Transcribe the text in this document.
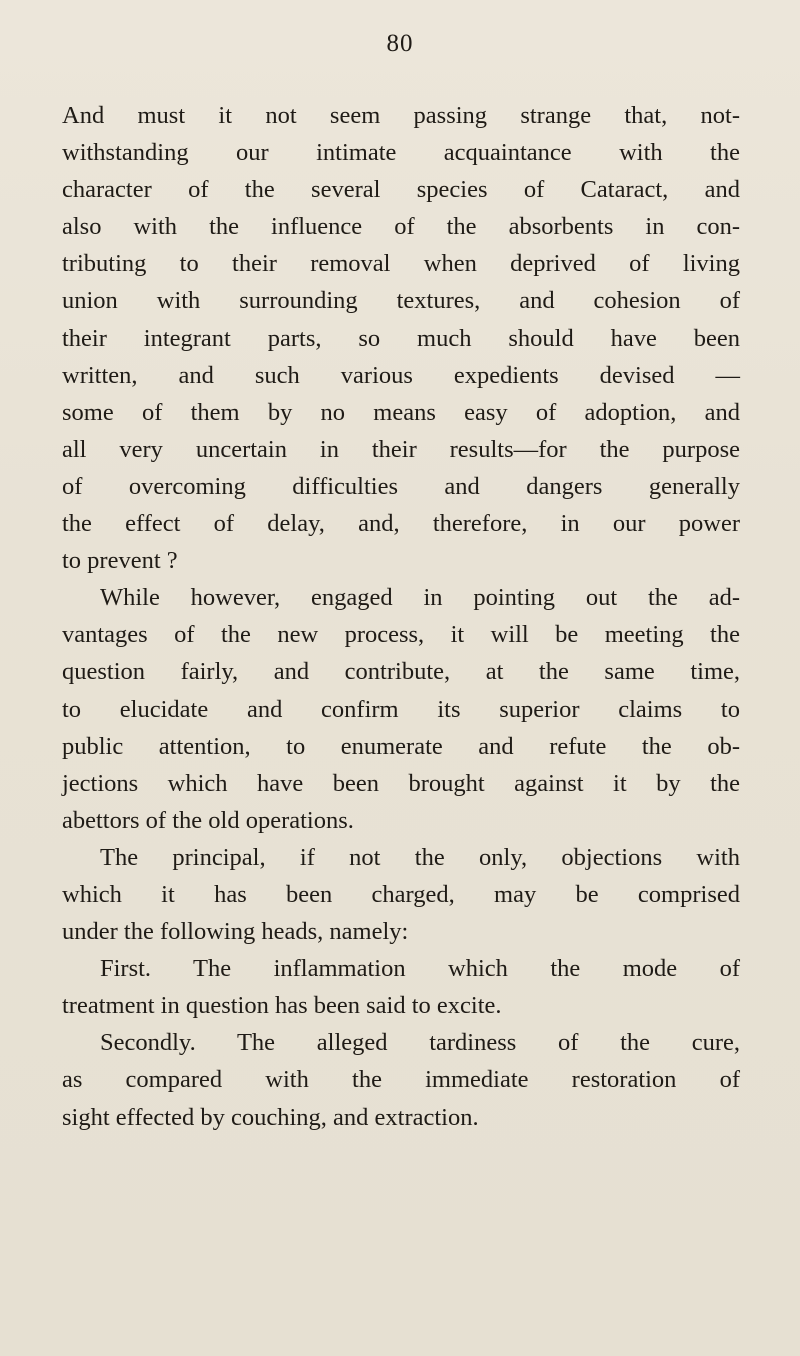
80
And must it not seem passing strange that, not-
withstanding our intimate acquaintance with the
character of the several species of Cataract, and
also with the influence of the absorbents in con-
tributing to their removal when deprived of living
union with surrounding textures, and cohesion of
their integrant parts, so much should have been
written, and such various expedients devised —
some of them by no means easy of adoption, and
all very uncertain in their results—for the purpose
of overcoming difficulties and dangers generally
the effect of delay, and, therefore, in our power
to prevent ?
While however, engaged in pointing out the ad-
vantages of the new process, it will be meeting the
question fairly, and contribute, at the same time,
to elucidate and confirm its superior claims to
public attention, to enumerate and refute the ob-
jections which have been brought against it by the
abettors of the old operations.
The principal, if not the only, objections with
which it has been charged, may be comprised
under the following heads, namely:
First. The inflammation which the mode of
treatment in question has been said to excite.
Secondly. The alleged tardiness of the cure,
as compared with the immediate restoration of
sight effected by couching, and extraction.
